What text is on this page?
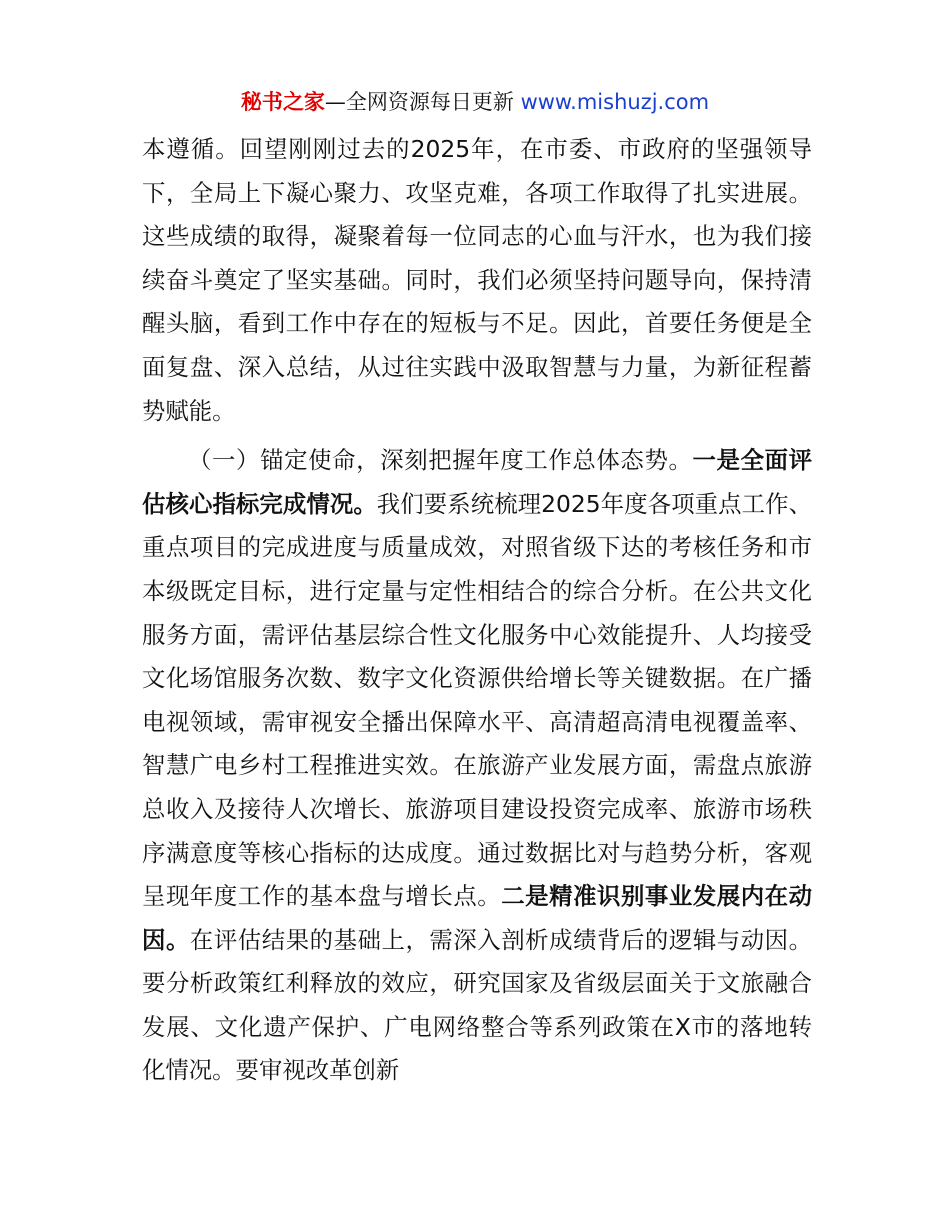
秘书之家—全网资源每日更新 www.mishuzj.com

本遵循。回望刚刚过去的2025年，在市委、市政府的坚强领导下，全局上下凝心聚力、攻坚克难，各项工作取得了扎实进展。这些成绩的取得，凝聚着每一位同志的心血与汗水，也为我们接续奋斗奠定了坚实基础。同时，我们必须坚持问题导向，保持清醒头脑，看到工作中存在的短板与不足。因此，首要任务便是全面复盘、深入总结，从过往实践中汲取智慧与力量，为新征程蓄势赋能。

（一）锚定使命，深刻把握年度工作总体态势。一是全面评估核心指标完成情况。我们要系统梳理2025年度各项重点工作、重点项目的完成进度与质量成效，对照省级下达的考核任务和市本级既定目标，进行定量与定性相结合的综合分析。在公共文化服务方面，需评估基层综合性文化服务中心效能提升、人均接受文化场馆服务次数、数字文化资源供给增长等关键数据。在广播电视领域，需审视安全播出保障水平、高清超高清电视覆盖率、智慧广电乡村工程推进实效。在旅游产业发展方面，需盘点旅游总收入及接待人次增长、旅游项目建设投资完成率、旅游市场秩序满意度等核心指标的达成度。通过数据比对与趋势分析，客观呈现年度工作的基本盘与增长点。二是精准识别事业发展内在动因。在评估结果的基础上，需深入剖析成绩背后的逻辑与动因。要分析政策红利释放的效应，研究国家及省级层面关于文旅融合发展、文化遗产保护、广电网络整合等系列政策在X市的落地转化情况。要审视改革创新
